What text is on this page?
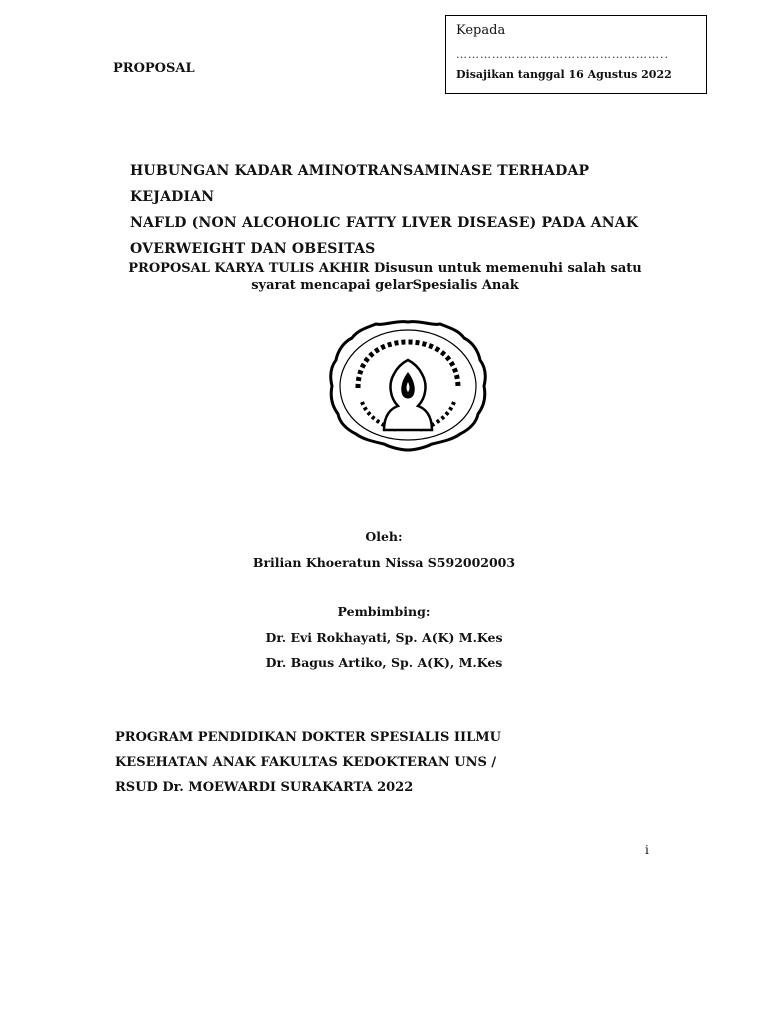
PROPOSAL
Kepada
……………………………………………..
Disajikan tanggal 16 Agustus 2022
HUBUNGAN KADAR AMINOTRANSAMINASE TERHADAP KEJADIAN
NAFLD (NON ALCOHOLIC FATTY LIVER DISEASE) PADA ANAK
OVERWEIGHT DAN OBESITAS
PROPOSAL KARYA TULIS AKHIR Disusun untuk memenuhi salah satu
syarat mencapai gelarSpesialis Anak
Oleh:
Brilian Khoeratun Nissa S592002003
Pembimbing:
Dr. Evi Rokhayati, Sp. A(K) M.Kes
Dr. Bagus Artiko, Sp. A(K), M.Kes
PROGRAM PENDIDIKAN DOKTER SPESIALIS IILMU
KESEHATAN ANAK FAKULTAS KEDOKTERAN UNS /
RSUD Dr. MOEWARDI SURAKARTA 2022
i
